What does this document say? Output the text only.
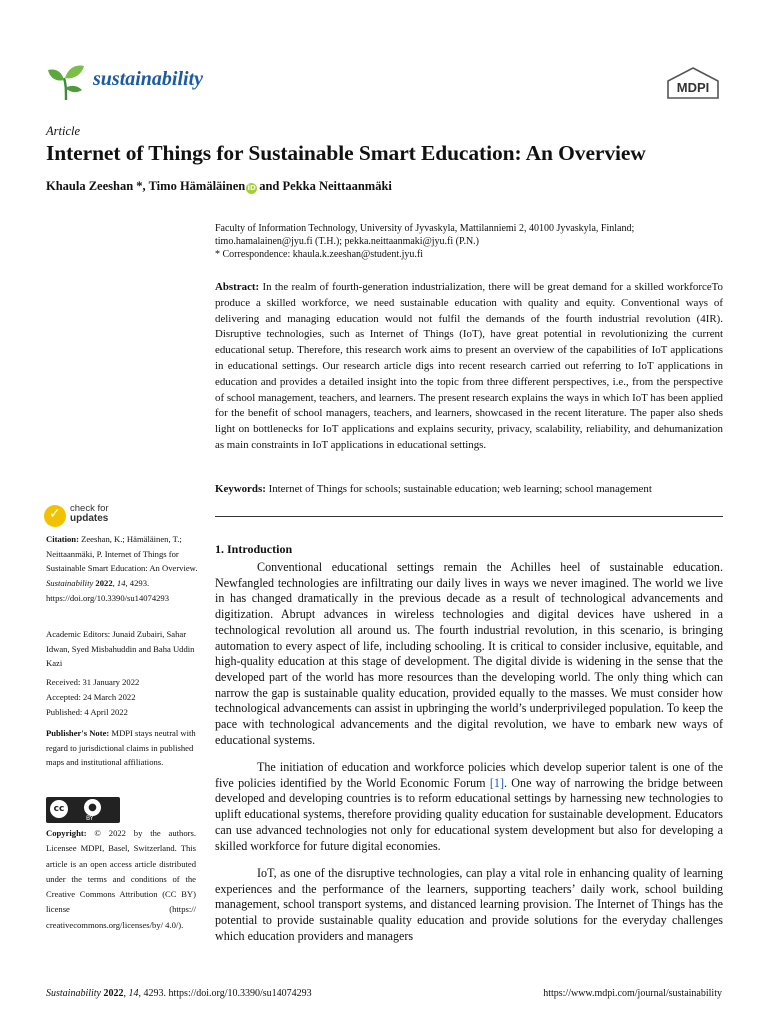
sustainability	MDPI
Article
Internet of Things for Sustainable Smart Education: An Overview
Khaula Zeeshan *, Timo Hämäläinen iD and Pekka Neittaanmäki
Faculty of Information Technology, University of Jyvaskyla, Mattilanniemi 2, 40100 Jyvaskyla, Finland;
timo.hamalainen@jyu.fi (T.H.); pekka.neittaanmaki@jyu.fi (P.N.)
* Correspondence: khaula.k.zeeshan@student.jyu.fi
Abstract: In the realm of fourth-generation industrialization, there will be great demand for a skilled workforceTo produce a skilled workforce, we need sustainable education with quality and equity. Conventional ways of delivering and managing education would not fulfil the demands of the fourth industrial revolution (4IR). Disruptive technologies, such as Internet of Things (IoT), have great potential in revolutionizing the current educational setup. Therefore, this research work aims to present an overview of the capabilities of IoT applications in educational settings. Our research article digs into recent research carried out referring to IoT applications in education and provides a detailed insight into the topic from three different perspectives, i.e., from the perspective of school management, teachers, and learners. The present research explains the ways in which IoT has been applied for the benefit of school managers, teachers, and learners, showcased in the recent literature. The paper also sheds light on bottlenecks for IoT applications and explains security, privacy, scalability, reliability, and dehumanization as main constraints in IoT applications in educational settings.
Keywords: Internet of Things for schools; sustainable education; web learning; school management
✓ check for
updates
Citation: Zeeshan, K.; Hämäläinen, T.; Neittaanmäki, P. Internet of Things for Sustainable Smart Education: An Overview. Sustainability 2022, 14, 4293. https://doi.org/10.3390/su14074293
Academic Editors: Junaid Zubairi, Sahar Idwan, Syed Misbahuddin and Baha Uddin Kazi
Received: 31 January 2022
Accepted: 24 March 2022
Published: 4 April 2022
Publisher's Note: MDPI stays neutral with regard to jurisdictional claims in published maps and institutional affiliations.
cc	●
BY
Copyright: © 2022 by the authors. Licensee MDPI, Basel, Switzerland. This article is an open access article distributed under the terms and conditions of the Creative Commons Attribution (CC BY) license (https:// creativecommons.org/licenses/by/ 4.0/).
1. Introduction
Conventional educational settings remain the Achilles heel of sustainable education. Newfangled technologies are infiltrating our daily lives in ways we never imagined. The world we live in has changed dramatically in the previous decade as a result of technological advancements and digitization. Abrupt advances in wireless technologies and digital devices have ushered in a technological revolution all around us. The fourth industrial revolution, in this scenario, is bringing automation to every aspect of life, including schooling. It is critical to consider inclusive, equitable, and high-quality education at this stage of development. The digital divide is widening in the sense that the developed part of the world has more resources than the developing world. The only thing which can narrow the gap is sustainable quality education, provided equally to the masses. We must consider how technological advancements can assist in upbringing the world’s underprivileged population. To keep the pace with technological advancements and the digital revolution, we have to embark new ways of educational systems.
The initiation of education and workforce policies which develop superior talent is one of the five policies identified by the World Economic Forum [1]. One way of narrowing the bridge between developed and developing countries is to reform educational settings by harnessing new technologies to uplift educational systems, therefore providing quality education for sustainable development. Educators can use advanced technologies not only for educational system development but also for developing a skilled workforce for future digital economies.
IoT, as one of the disruptive technologies, can play a vital role in enhancing quality of learning experiences and the performance of the learners, supporting teachers’ daily work, school building management, school transport systems, and distanced learning provision. The Internet of Things has the potential to provide sustainable quality education and provide solutions for the everyday challenges which education providers and managers
Sustainability 2022, 14, 4293. https://doi.org/10.3390/su14074293	https://www.mdpi.com/journal/sustainability
